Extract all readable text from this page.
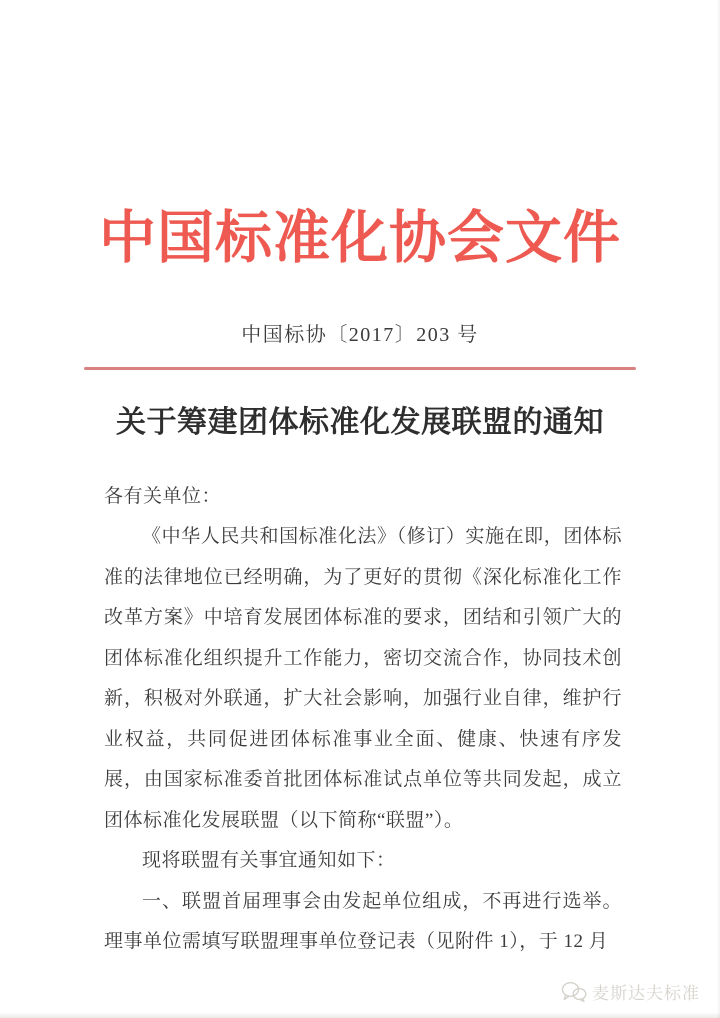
中国标准化协会文件
中国标协〔2017〕203 号
关于筹建团体标准化发展联盟的通知

各有关单位：

《中华人民共和国标准化法》（修订）实施在即，团体标准的法律地位已经明确，为了更好的贯彻《深化标准化工作改革方案》中培育发展团体标准的要求，团结和引领广大的团体标准化组织提升工作能力，密切交流合作，协同技术创新，积极对外联通，扩大社会影响，加强行业自律，维护行业权益，共同促进团体标准事业全面、健康、快速有序发展，由国家标准委首批团体标准试点单位等共同发起，成立团体标准化发展联盟（以下简称“联盟”）。

现将联盟有关事宜通知如下：

一、联盟首届理事会由发起单位组成，不再进行选举。理事单位需填写联盟理事单位登记表（见附件 1），于 12 月

麦斯达夫标准
